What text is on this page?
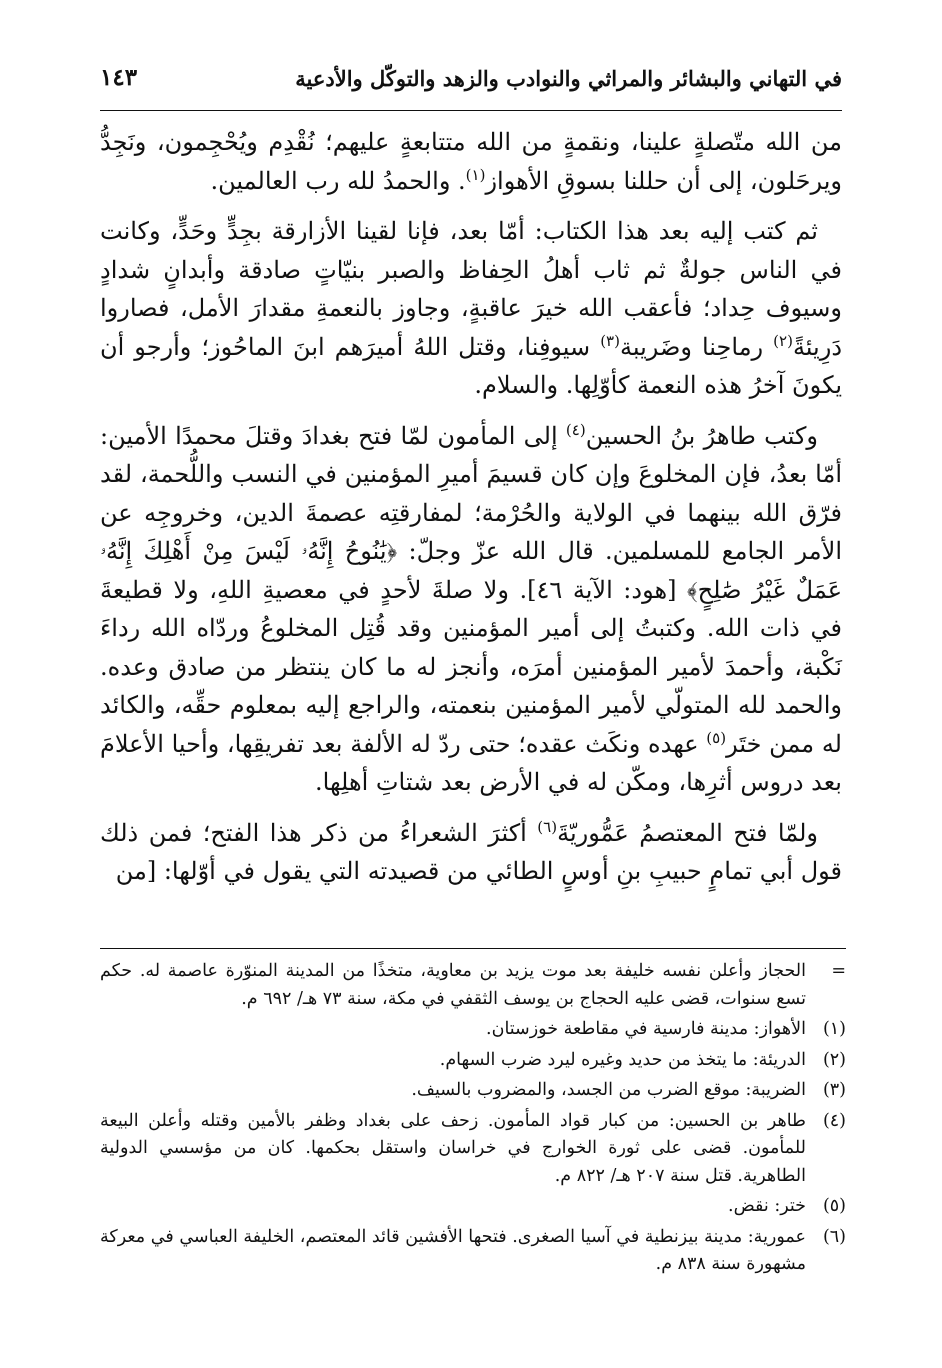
في التهاني والبشائر والمراثي والنوادب والزهد والتوكّل والأدعية
١٤٣

من الله متّصلةٍ علينا، ونقمةٍ من الله متتابعةٍ عليهم؛ نُقْدِم ويُحْجِمون، ونَجِدُّ ويرحَلون، إلى أن حللنا بسوقِ الأهواز$^{(١)}$. والحمدُ لله رب العالمين.

ثم كتب إليه بعد هذا الكتاب: أمّا بعد، فإنا لقينا الأزارقة بجِدٍّ وحَدٍّ، وكانت في الناس جولةٌ ثم ثاب أهلُ الحِفاظ والصبر بنيّاتٍ صادقة وأبدانٍ شدادٍ وسيوف حِداد؛ فأعقب الله خيرَ عاقبةٍ، وجاوز بالنعمةِ مقدارَ الأمل، فصاروا دَرِيئةً$^{(٢)}$ رماحِنا وضَريبة$^{(٣)}$ سيوفِنا، وقتل اللهُ أميرَهم ابنَ الماحُوز؛ وأرجو أن يكونَ آخرُ هذه النعمة كأوّلِها. والسلام.

وكتب طاهرُ بنُ الحسين$^{(٤)}$ إلى المأمون لمّا فتح بغدادَ وقتلَ محمدًا الأمين: أمّا بعدُ، فإن المخلوعَ وإن كان قسيمَ أميرِ المؤمنين في النسب واللُّحمة، لقد فرّق الله بينهما في الولاية والحُرْمة؛ لمفارقتِه عصمةَ الدين، وخروجِه عن الأمر الجامع للمسلمين. قال الله عزّ وجلّ: ﴿يَٰنُوحُ إِنَّهُۥ لَيْسَ مِنْ أَهْلِكَ إِنَّهُۥ عَمَلٌ غَيْرُ صَٰلِحٍ﴾ [هود: الآية ٤٦]. ولا صلةَ لأحدٍ في معصيةِ اللهِ، ولا قطيعةَ في ذات الله. وكتبتُ إلى أمير المؤمنين وقد قُتِل المخلوعُ وردّاه الله رداءَ نَكْبة، وأحمدَ لأمير المؤمنين أمرَه، وأنجز له ما كان ينتظر من صادق وعده. والحمد لله المتولّي لأمير المؤمنين بنعمته، والراجع إليه بمعلوم حقِّه، والكائد له ممن ختَر$^{(٥)}$ عهده ونكَث عقده؛ حتى ردّ له الألفة بعد تفريقِها، وأحيا الأعلامَ بعد دروس أثرِها، ومكّن له في الأرض بعد شتاتِ أهلِها.

ولمّا فتح المعتصمُ عَمُّوريّةَ$^{(٦)}$ أكثرَ الشعراءُ من ذكر هذا الفتح؛ فمن ذلك قول أبي تمامٍ حبيبِ بنِ أوسٍ الطائي من قصيدته التي يقول في أوّلها: [من

=
الحجاز وأعلن نفسه خليفة بعد موت يزيد بن معاوية، متخذًا من المدينة المنوّرة عاصمة له. حكم تسع سنوات، قضى عليه الحجاج بن يوسف الثقفي في مكة، سنة ٧٣ هـ/ ٦٩٢ م.
(١)
الأهواز: مدينة فارسية في مقاطعة خوزستان.
(٢)
الدريئة: ما يتخذ من حديد وغيره ليرد ضرب السهام.
(٣)
الضريبة: موقع الضرب من الجسد، والمضروب بالسيف.
(٤)
طاهر بن الحسين: من كبار قواد المأمون. زحف على بغداد وظفر بالأمين وقتله وأعلن البيعة للمأمون. قضى على ثورة الخوارج في خراسان واستقل بحكمها. كان من مؤسسي الدولية الطاهرية. قتل سنة ٢٠٧ هـ/ ٨٢٢ م.
(٥)
ختر: نقض.
(٦)
عمورية: مدينة بيزنطية في آسيا الصغرى. فتحها الأفشين قائد المعتصم، الخليفة العباسي في معركة مشهورة سنة ٨٣٨ م.
